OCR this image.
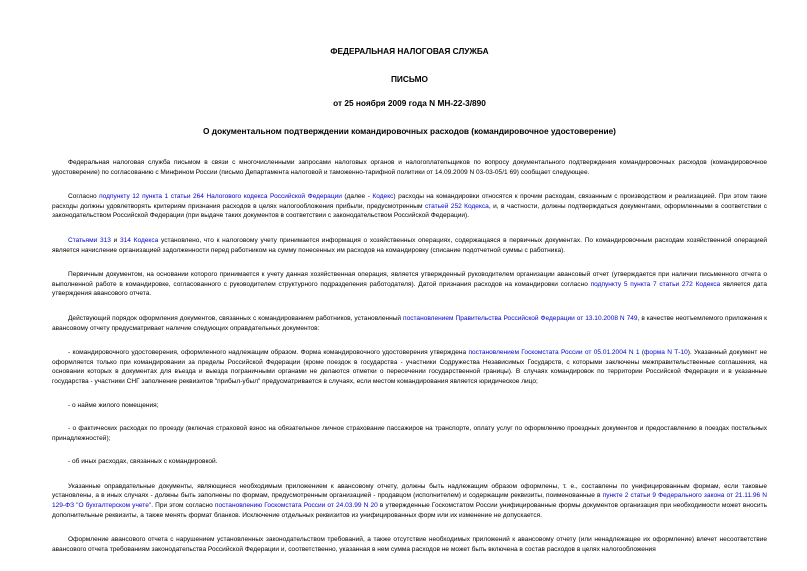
ФЕДЕРАЛЬНАЯ НАЛОГОВАЯ СЛУЖБА

ПИСЬМО

от 25 ноября 2009 года N МН-22-3/890

О документальном подтверждении командировочных расходов (командировочное удостоверение)

Федеральная налоговая служба письмом в связи с многочисленными запросами налоговых органов и налогоплательщиков по вопросу документального подтверждения командировочных расходов (командировочное удостоверение) по согласованию с Минфином России (письмо Департамента налоговой и таможенно-тарифной политики от 14.09.2009 N 03-03-05/1 69) сообщает следующее.

Согласно подпункту 12 пункта 1 статьи 264 Налогового кодекса Российской Федерации (далее - Кодекс) расходы на командировки относятся к прочим расходам, связанным с производством и реализацией. При этом такие расходы должны удовлетворять критериям признания расходов в целях налогообложения прибыли, предусмотренным статьей 252 Кодекса, и, в частности, должны подтверждаться документами, оформленными в соответствии с законодательством Российской Федерации (при выдаче таких документов в соответствии с законодательством Российской Федерации).

Статьями 313 и 314 Кодекса установлено, что к налоговому учету принимается информация о хозяйственных операциях, содержащаяся в первичных документах. По командировочным расходам хозяйственной операцией является начисление организацией задолженности перед работником на сумму понесенных им расходов на командировку (списание подотчетной суммы с работника).

Первичным документом, на основании которого принимается к учету данная хозяйственная операция, является утвержденный руководителем организации авансовый отчет (утверждается при наличии письменного отчета о выполненной работе в командировке, согласованного с руководителем структурного подразделения работодателя). Датой признания расходов на командировки согласно подпункту 5 пункта 7 статьи 272 Кодекса является дата утверждения авансового отчета.

Действующий порядок оформления документов, связанных с командированием работников, установленный постановлением Правительства Российской Федерации от 13.10.2008 N 749, в качестве неотъемлемого приложения к авансовому отчету предусматривает наличие следующих оправдательных документов:

- командировочного удостоверения, оформленного надлежащим образом. Форма командировочного удостоверения утверждена постановлением Госкомстата России от 05.01.2004 N 1 (форма N Т-10). Указанный документ не оформляется только при командировании за пределы Российской Федерации (кроме поездок в государства - участники Содружества Независимых Государств, с которыми заключены межправительственные соглашения, на основании которых в документах для въезда и выезда пограничными органами не делаются отметки о пересечении государственной границы). В случаях командировок по территории Российской Федерации и в указанные государства - участники СНГ заполнение реквизитов "прибыл-убыл" предусматривается в случаях, если местом командирования является юридическое лицо;

- о найме жилого помещения;

- о фактических расходах по проезду (включая страховой взнос на обязательное личное страхование пассажиров на транспорте, оплату услуг по оформлению проездных документов и предоставлению в поездах постельных принадлежностей);

- об иных расходах, связанных с командировкой.

Указанные оправдательные документы, являющиеся необходимым приложением к авансовому отчету, должны быть надлежащим образом оформлены, т. е., составлены по унифицированным формам, если таковые установлены, а в иных случаях - должны быть заполнены по формам, предусмотренным организацией - продавцом (исполнителем) и содержащим реквизиты, поименованные в пункте 2 статьи 9 Федерального закона от 21.11.96 N 129-ФЗ "О бухгалтерском учете". При этом согласно постановлению Госкомстата России от 24.03.99 N 20 в утвержденные Госкомстатом России унифицированные формы документов организация при необходимости может вносить дополнительные реквизиты, а также менять формат бланков. Исключение отдельных реквизитов из унифицированных форм или их изменение не допускается.

Оформление авансового отчета с нарушением установленных законодательством требований, а также отсутствие необходимых приложений к авансовому отчету (или ненадлежащее их оформление) влечет несоответствие авансового отчета требованиям законодательства Российской Федерации и, соответственно, указанная в нем сумма расходов не может быть включена в состав расходов в целях налогообложения
